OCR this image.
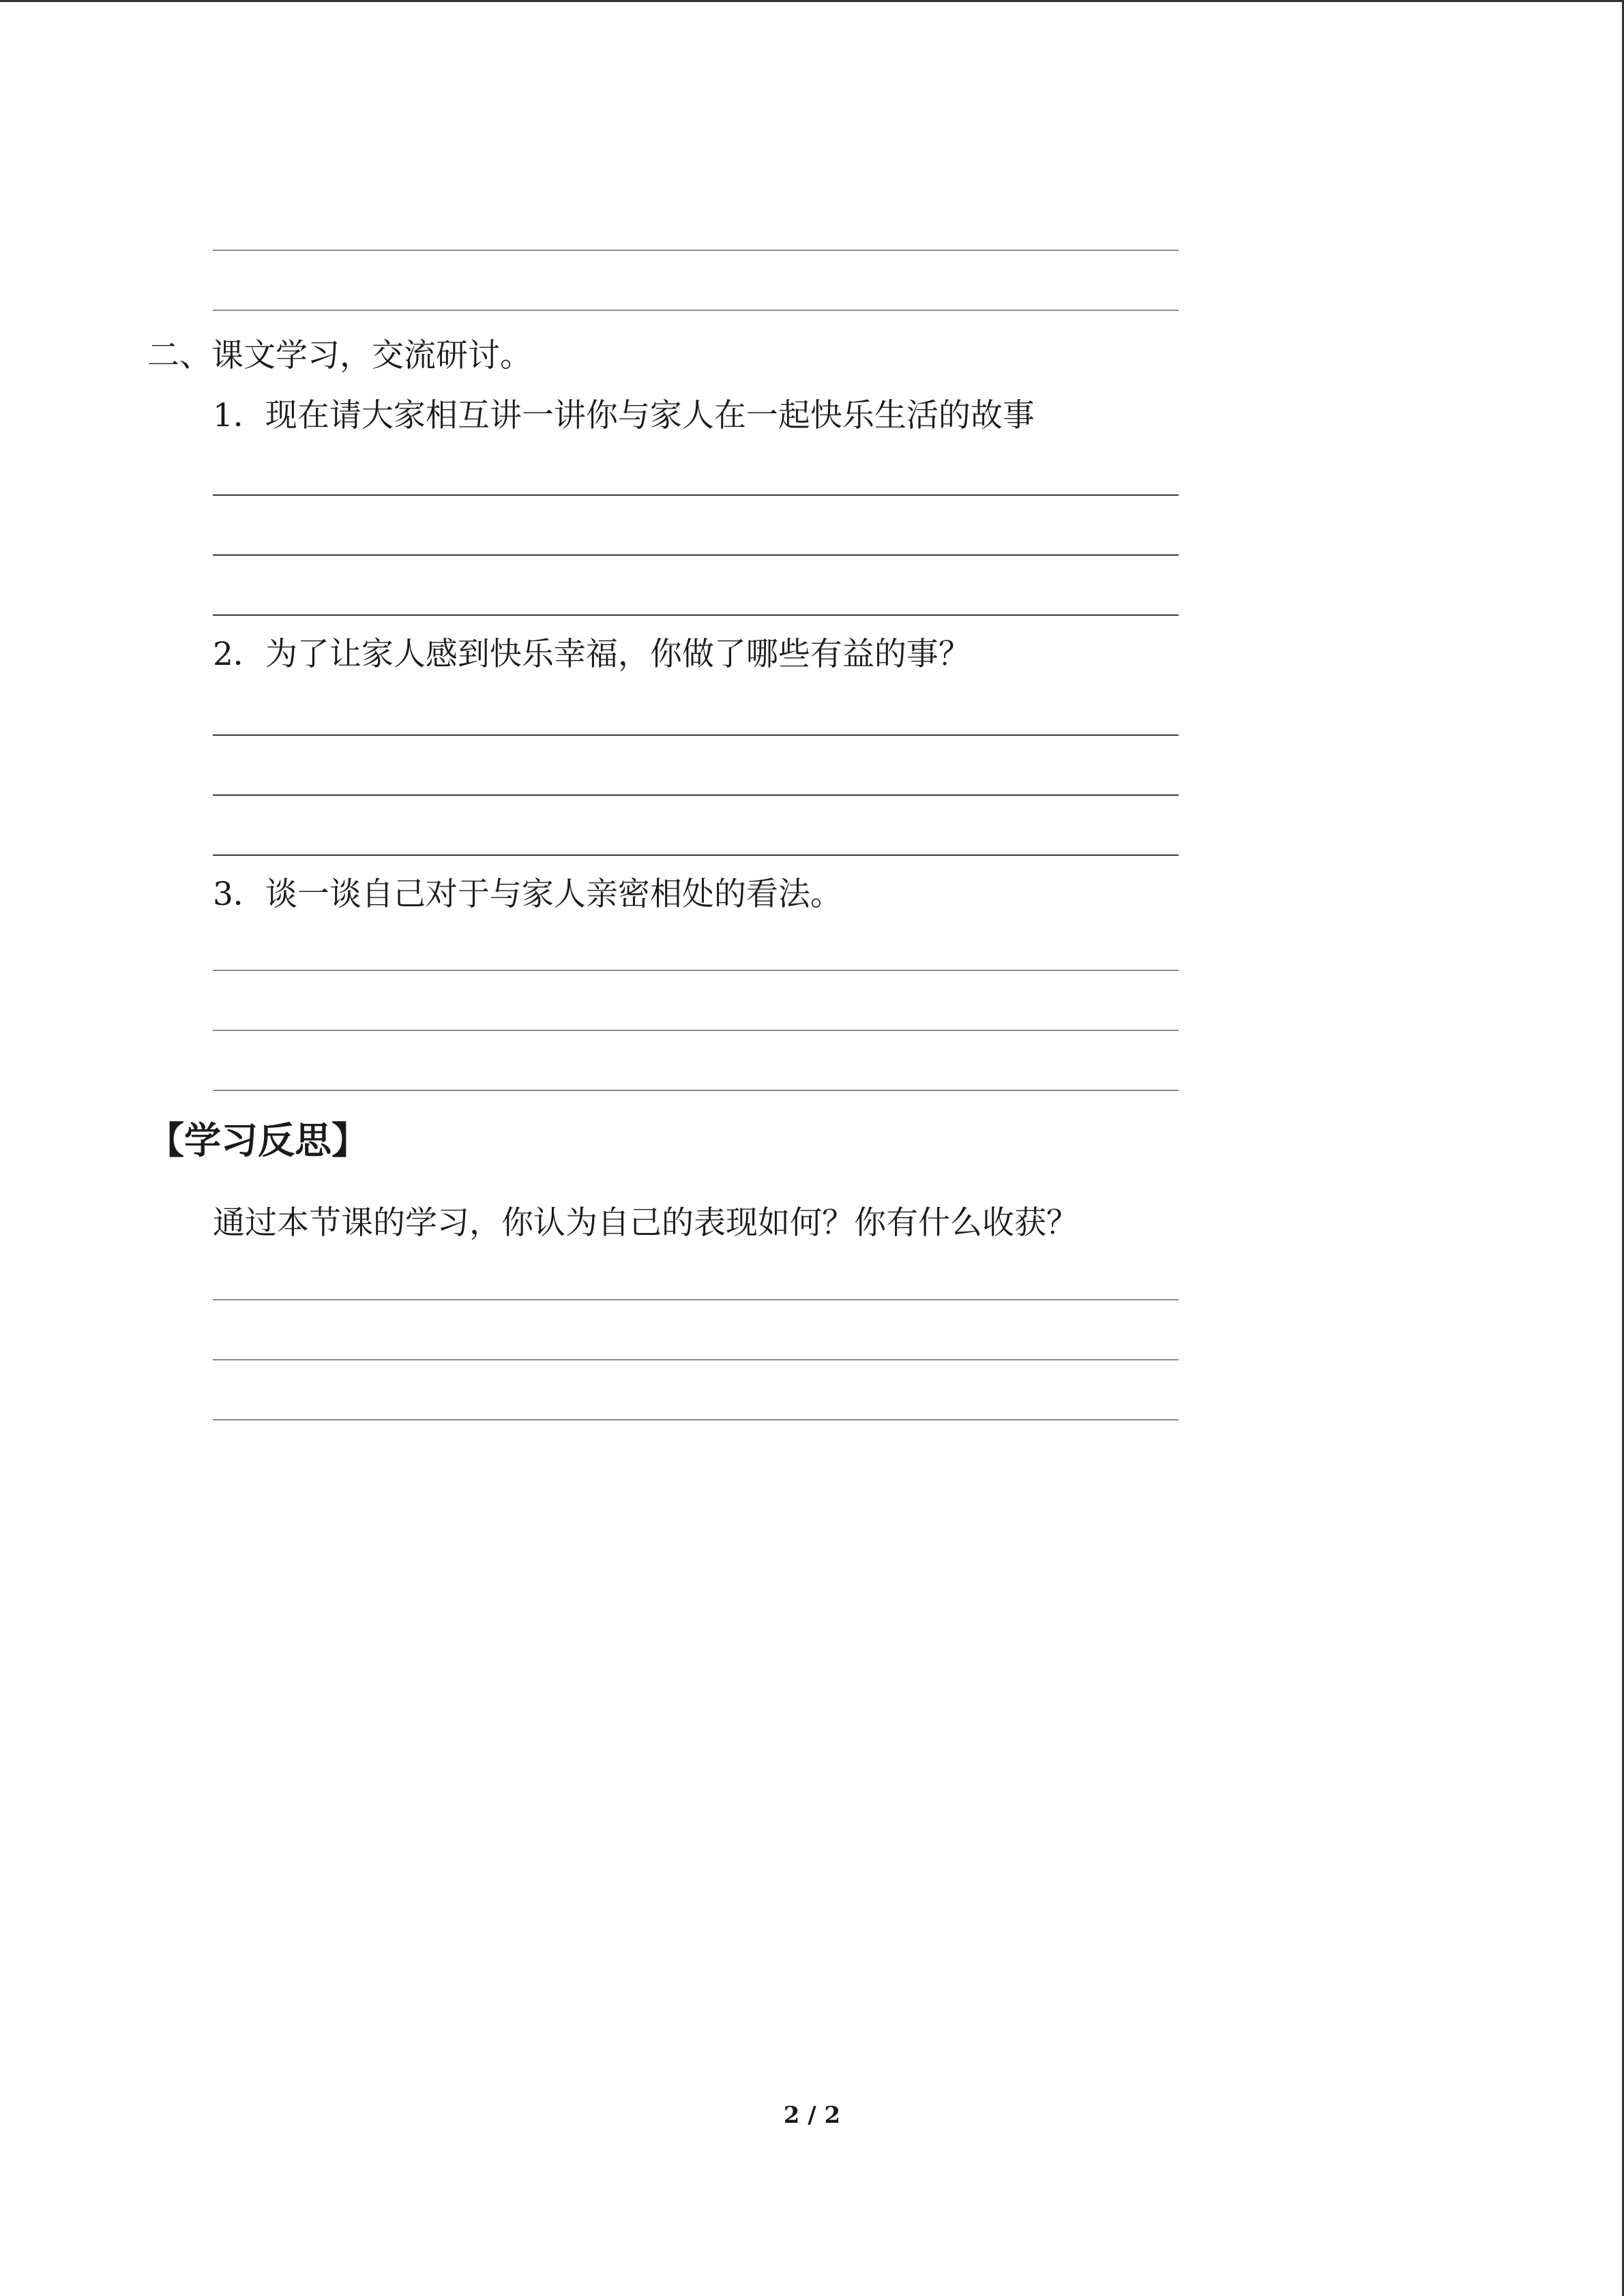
二、课文学习，交流研讨。
1．现在请大家相互讲一讲你与家人在一起快乐生活的故事
2．为了让家人感到快乐幸福，你做了哪些有益的事？
3．谈一谈自己对于与家人亲密相处的看法。
【学习反思】
通过本节课的学习，你认为自己的表现如何？你有什么收获？
2 / 2
